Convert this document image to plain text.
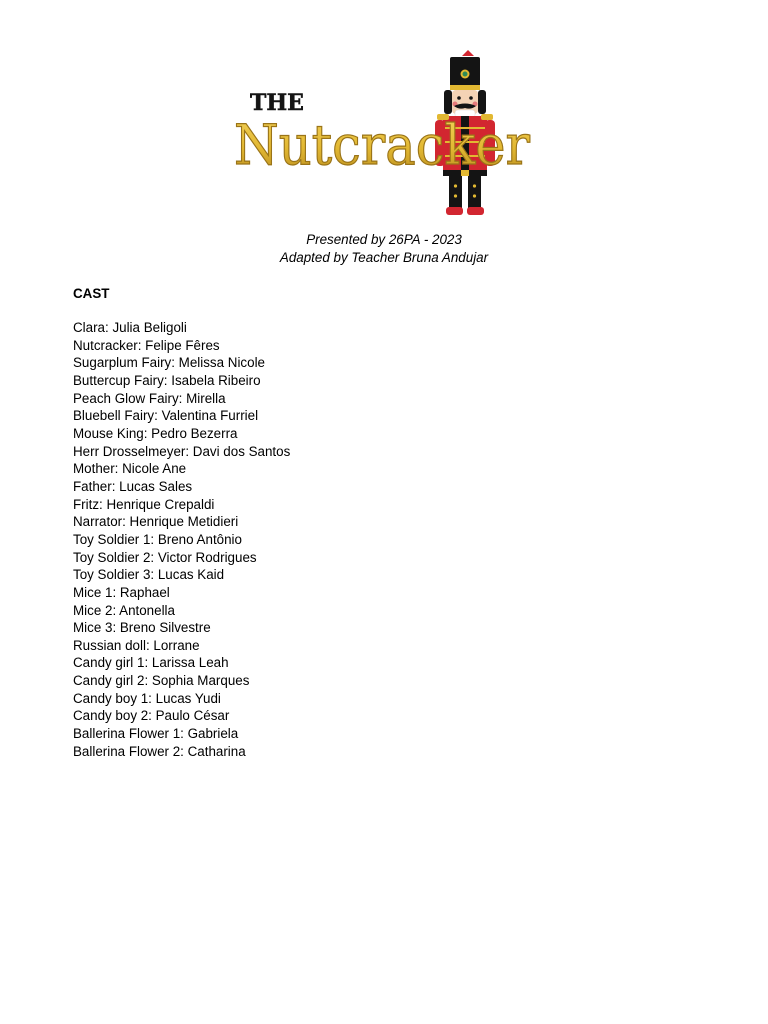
THE
Nutcracker
Presented by 26PA - 2023
Adapted by Teacher Bruna Andujar
CAST
Clara: Julia Beligoli
Nutcracker: Felipe Fêres
Sugarplum Fairy: Melissa Nicole
Buttercup Fairy: Isabela Ribeiro
Peach Glow Fairy: Mirella
Bluebell Fairy: Valentina Furriel
Mouse King: Pedro Bezerra
Herr Drosselmeyer: Davi dos Santos
Mother: Nicole Ane
Father: Lucas Sales
Fritz: Henrique Crepaldi
Narrator: Henrique Metidieri
Toy Soldier 1: Breno Antônio
Toy Soldier 2: Victor Rodrigues
Toy Soldier 3: Lucas Kaid
Mice 1: Raphael
Mice 2: Antonella
Mice 3: Breno Silvestre
Russian doll: Lorrane
Candy girl 1: Larissa Leah
Candy girl 2: Sophia Marques
Candy boy 1: Lucas Yudi
Candy boy 2: Paulo César
Ballerina Flower 1: Gabriela
Ballerina Flower 2: Catharina
